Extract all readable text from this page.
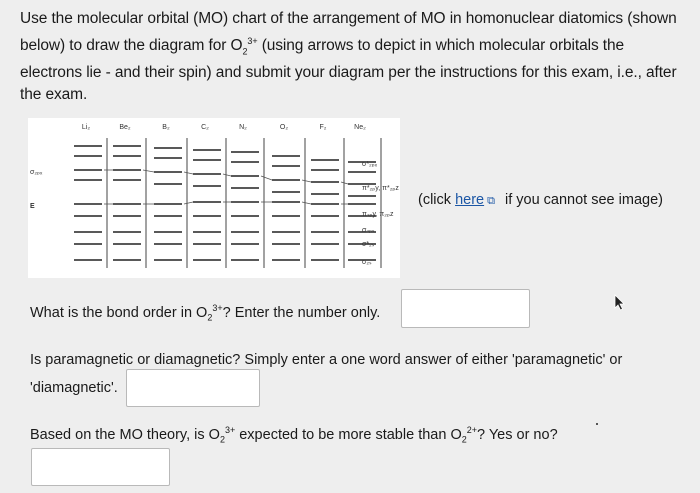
Use the molecular orbital (MO) chart of the arrangement of MO in homonuclear diatomics (shown below) to draw the diagram for $O_2^{3+}$ (using arrows to depict in which molecular orbitals the electrons lie - and their spin) and submit your diagram per the instructions for this exam, i.e., after the exam.
Li₂	Be₂	B₂	C₂	N₂	O₂	F₂	Ne₂
σ₂ₚₓ
E
σ*₂ₚₓ
π*₂ₚy, π*₂ₚz
π₂ₚy, π₂ₚz
σ₂ₚₓ
σ*₂ₛ
σ₂ₛ
(click here ⧉ if you cannot see image)
What is the bond order in $O_2^{3+}$? Enter the number only.
Is paramagnetic or diamagnetic? Simply enter a one word answer of either 'paramagnetic' or 'diamagnetic'.
Based on the MO theory, is $O_2^{3+}$ expected to be more stable than $O_2^{2+}$? Yes or no?
